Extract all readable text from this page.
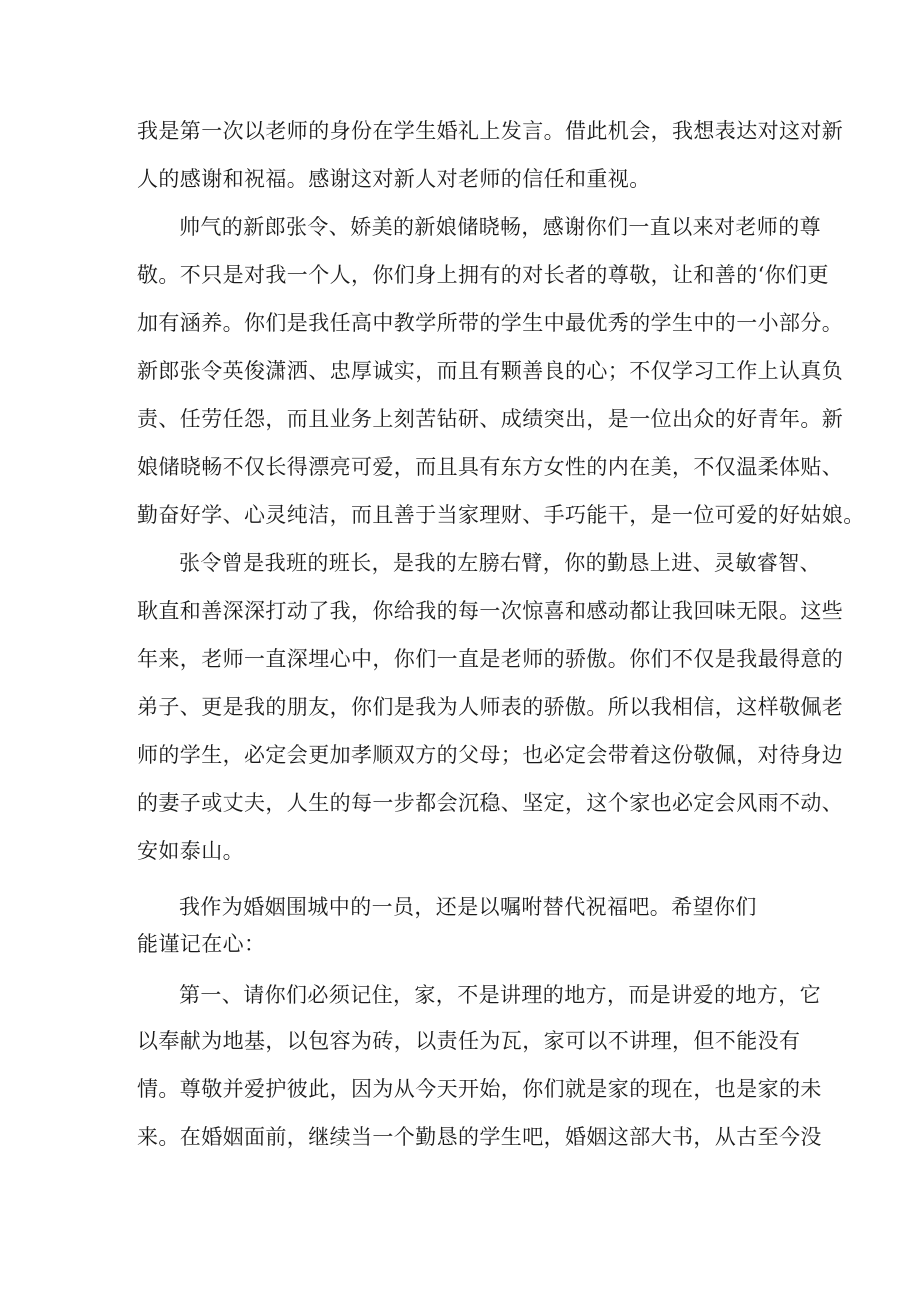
我是第一次以老师的身份在学生婚礼上发言。借此机会，我想表达对这对新

人的感谢和祝福。感谢这对新人对老师的信任和重视。

帅气的新郎张令、娇美的新娘储晓畅，感谢你们一直以来对老师的尊

敬。不只是对我一个人，你们身上拥有的对长者的尊敬，让和善的‘你们更

加有涵养。你们是我任高中教学所带的学生中最优秀的学生中的一小部分。

新郎张令英俊潇洒、忠厚诚实，而且有颗善良的心；不仅学习工作上认真负

责、任劳任怨，而且业务上刻苦钻研、成绩突出，是一位出众的好青年。新

娘储晓畅不仅长得漂亮可爱，而且具有东方女性的内在美，不仅温柔体贴、

勤奋好学、心灵纯洁，而且善于当家理财、手巧能干，是一位可爱的好姑娘。

张令曾是我班的班长，是我的左膀右臂，你的勤恳上进、灵敏睿智、

耿直和善深深打动了我，你给我的每一次惊喜和感动都让我回味无限。这些

年来，老师一直深埋心中，你们一直是老师的骄傲。你们不仅是我最得意的

弟子、更是我的朋友，你们是我为人师表的骄傲。所以我相信，这样敬佩老

师的学生，必定会更加孝顺双方的父母；也必定会带着这份敬佩，对待身边

的妻子或丈夫，人生的每一步都会沉稳、坚定，这个家也必定会风雨不动、

安如泰山。

我作为婚姻围城中的一员，还是以嘱咐替代祝福吧。希望你们

能谨记在心：

第一、请你们必须记住，家，不是讲理的地方，而是讲爱的地方，它

以奉献为地基，以包容为砖，以责任为瓦，家可以不讲理，但不能没有

情。尊敬并爱护彼此，因为从今天开始，你们就是家的现在，也是家的未

来。在婚姻面前，继续当一个勤恳的学生吧，婚姻这部大书，从古至今没
